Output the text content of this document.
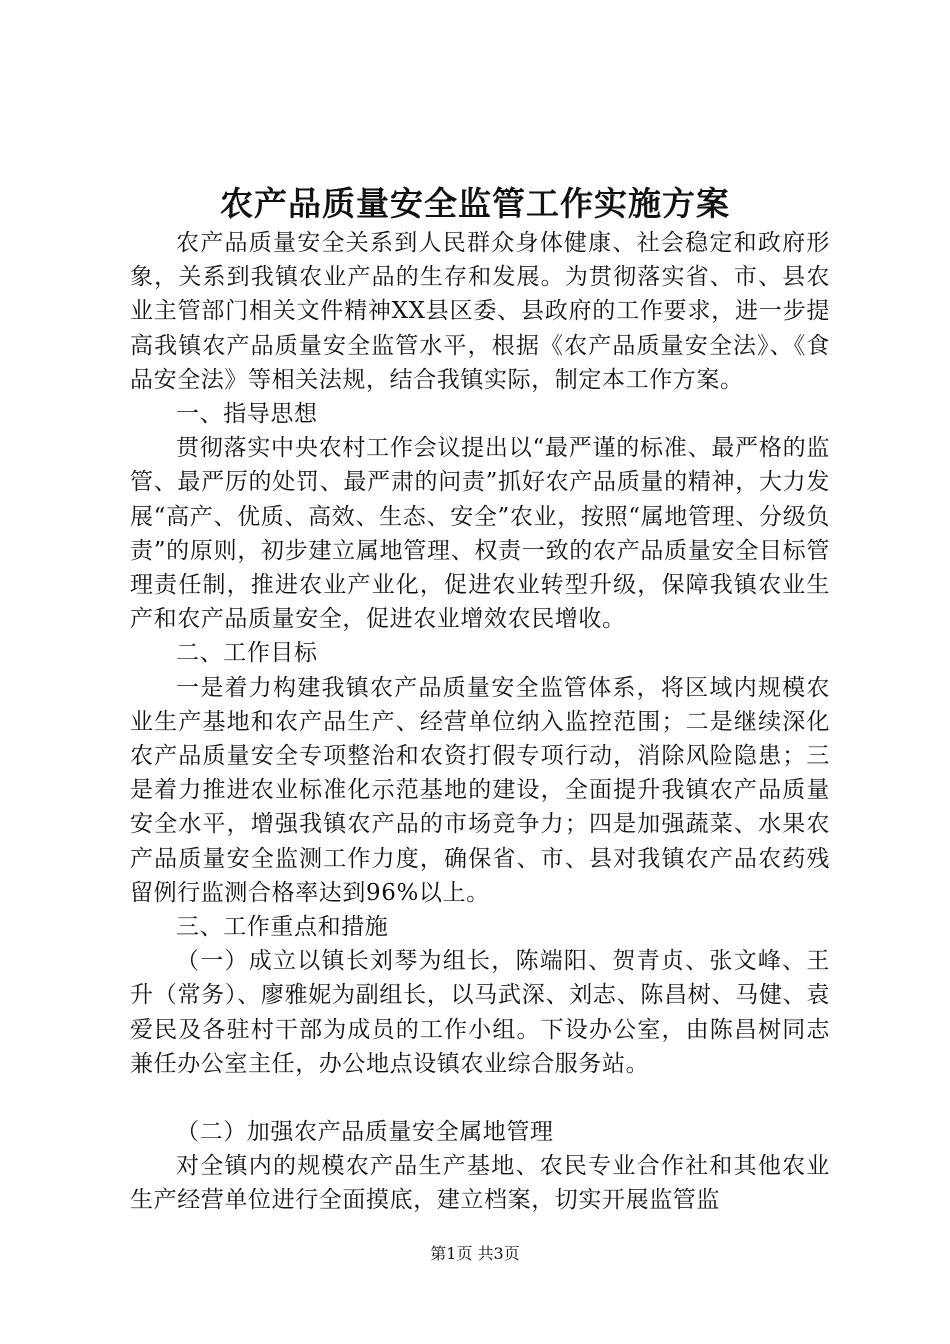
农产品质量安全监管工作实施方案

农产品质量安全关系到人民群众身体健康、社会稳定和政府形象，关系到我镇农业产品的生存和发展。为贯彻落实省、市、县农业主管部门相关文件精神XX县区委、县政府的工作要求，进一步提高我镇农产品质量安全监管水平，根据《农产品质量安全法》、《食品安全法》等相关法规，结合我镇实际，制定本工作方案。

一、指导思想

贯彻落实中央农村工作会议提出以“最严谨的标准、最严格的监管、最严厉的处罚、最严肃的问责”抓好农产品质量的精神，大力发展“高产、优质、高效、生态、安全”农业，按照“属地管理、分级负责”的原则，初步建立属地管理、权责一致的农产品质量安全目标管理责任制，推进农业产业化，促进农业转型升级，保障我镇农业生产和农产品质量安全，促进农业增效农民增收。

二、工作目标

一是着力构建我镇农产品质量安全监管体系，将区域内规模农业生产基地和农产品生产、经营单位纳入监控范围；二是继续深化农产品质量安全专项整治和农资打假专项行动，消除风险隐患；三是着力推进农业标准化示范基地的建设，全面提升我镇农产品质量安全水平，增强我镇农产品的市场竞争力；四是加强蔬菜、水果农产品质量安全监测工作力度，确保省、市、县对我镇农产品农药残留例行监测合格率达到96%以上。

三、工作重点和措施

（一）成立以镇长刘琴为组长，陈端阳、贺青贞、张文峰、王升（常务）、廖雅妮为副组长，以马武深、刘志、陈昌树、马健、袁爱民及各驻村干部为成员的工作小组。下设办公室，由陈昌树同志兼任办公室主任，办公地点设镇农业综合服务站。

（二）加强农产品质量安全属地管理

对全镇内的规模农产品生产基地、农民专业合作社和其他农业生产经营单位进行全面摸底，建立档案，切实开展监管监

第1页 共3页
